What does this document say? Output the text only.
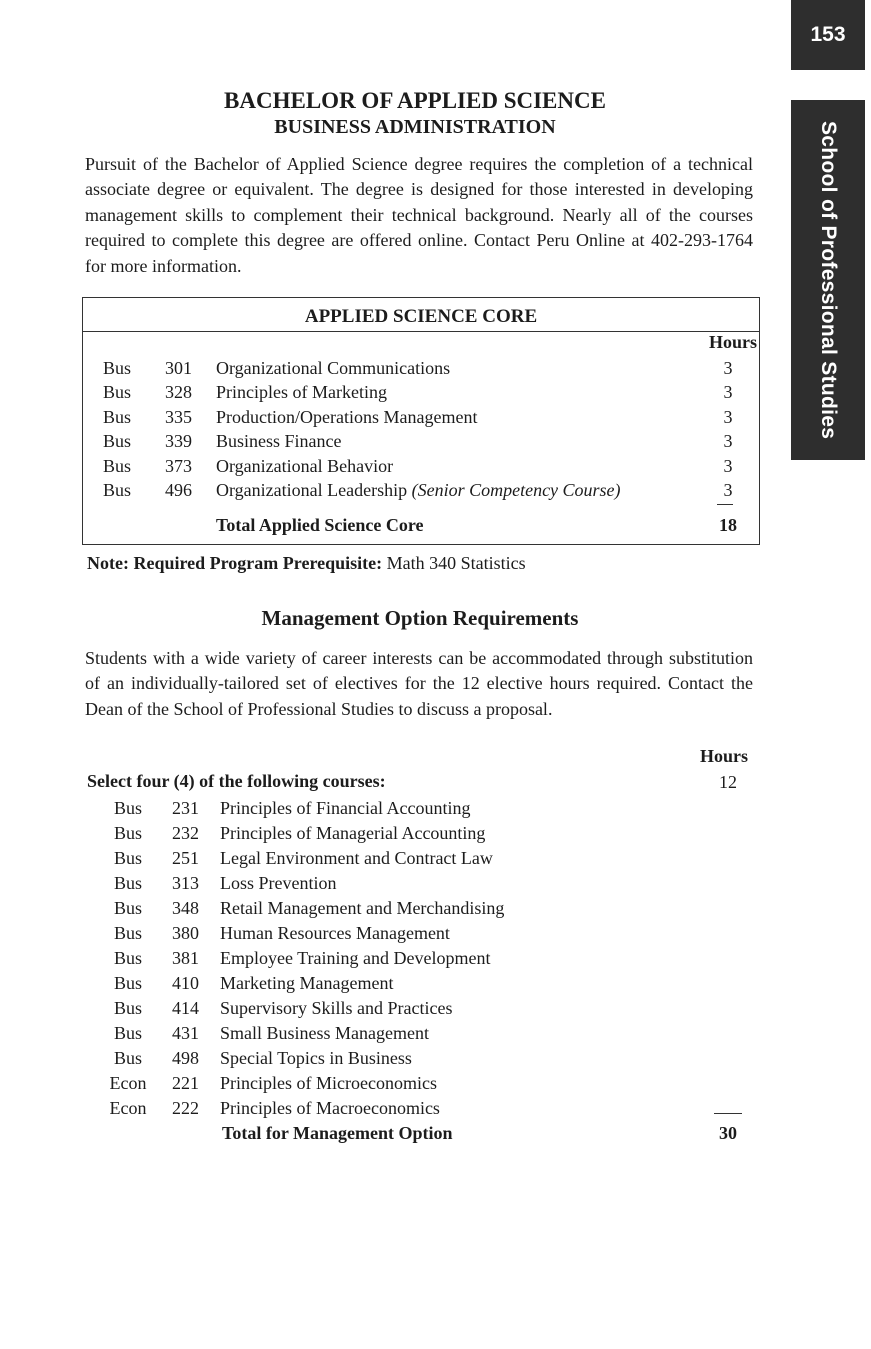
153
School of Professional Studies
BACHELOR OF APPLIED SCIENCE
BUSINESS ADMINISTRATION
Pursuit of the Bachelor of Applied Science degree requires the completion of a technical associate degree or equivalent. The degree is designed for those interested in developing management skills to complement their technical background. Nearly all of the courses required to complete this degree are offered online. Contact Peru Online at 402-293-1764 for more information.
APPLIED SCIENCE CORE
Hours
Bus	301 Organizational Communications	3
Bus	328 Principles of Marketing	3
Bus	335 Production/Operations Management	3
Bus	339 Business Finance	3
Bus	373 Organizational Behavior	3
Bus	496 Organizational Leadership (Senior Competency Course)	3
Total Applied Science Core	18
Note: Required Program Prerequisite: Math 340 Statistics
Management Option Requirements
Students with a wide variety of career interests can be accommodated through substitution of an individually-tailored set of electives for the 12 elective hours required. Contact the Dean of the School of Professional Studies to discuss a proposal.
Hours
Select four (4) of the following courses:	12
Bus	231 Principles of Financial Accounting
Bus	232 Principles of Managerial Accounting
Bus	251 Legal Environment and Contract Law
Bus	313 Loss Prevention
Bus	348 Retail Management and Merchandising
Bus	380 Human Resources Management
Bus	381 Employee Training and Development
Bus	410 Marketing Management
Bus	414 Supervisory Skills and Practices
Bus	431 Small Business Management
Bus	498 Special Topics in Business
Econ	221 Principles of Microeconomics
Econ	222 Principles of Macroeconomics
Total for Management Option	30
